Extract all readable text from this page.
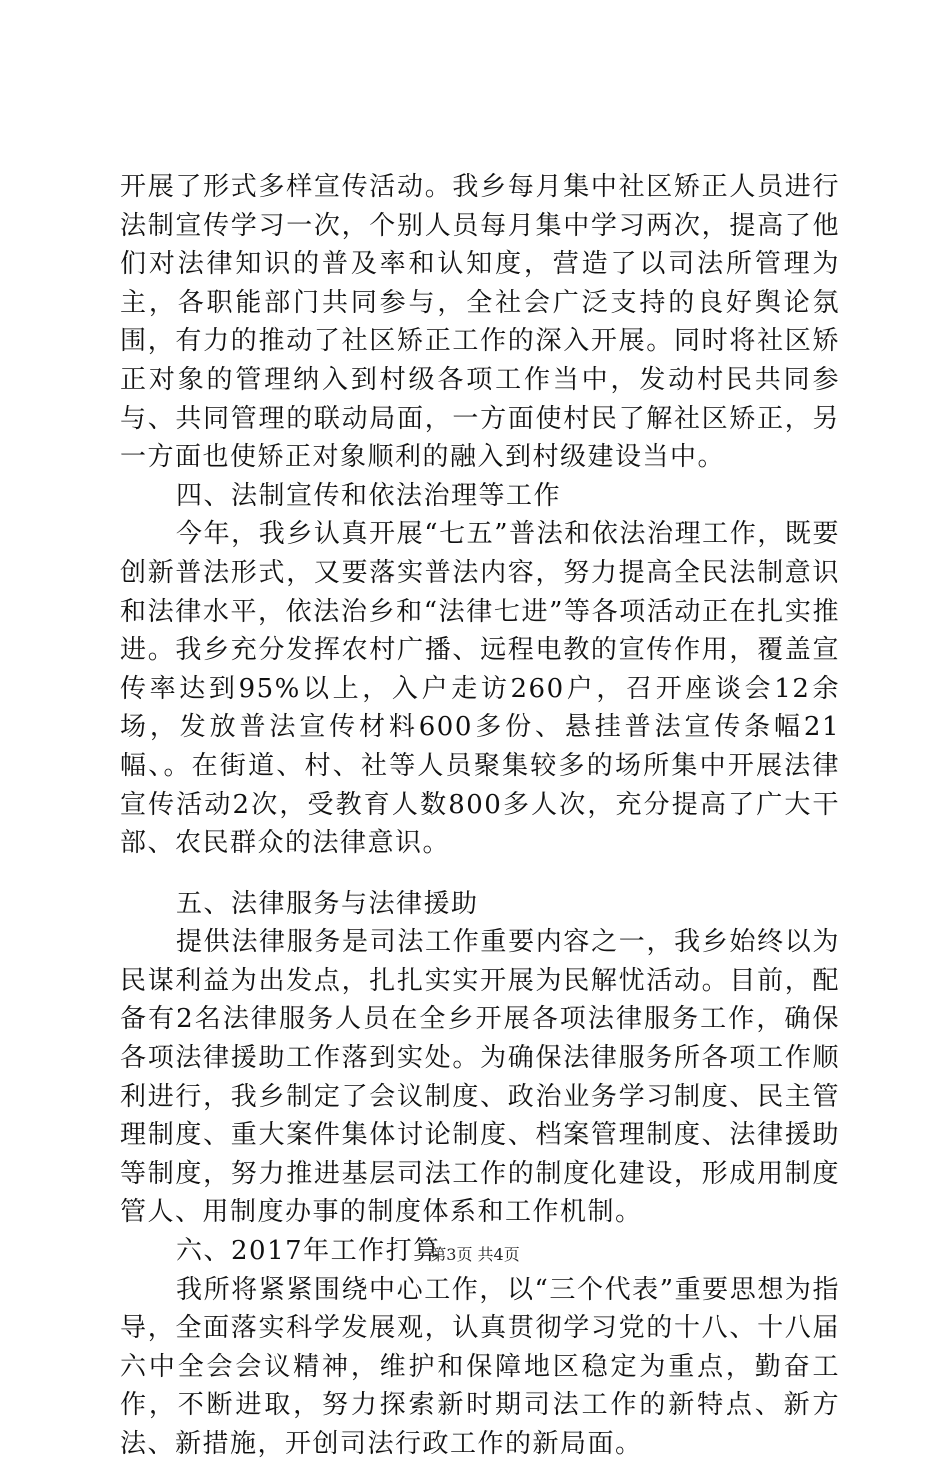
开展了形式多样宣传活动。我乡每月集中社区矫正人员进行法制宣传学习一次，个别人员每月集中学习两次，提高了他们对法律知识的普及率和认知度，营造了以司法所管理为主，各职能部门共同参与，全社会广泛支持的良好舆论氛围，有力的推动了社区矫正工作的深入开展。同时将社区矫正对象的管理纳入到村级各项工作当中，发动村民共同参与、共同管理的联动局面，一方面使村民了解社区矫正，另一方面也使矫正对象顺利的融入到村级建设当中。

四、法制宣传和依法治理等工作

今年，我乡认真开展“七五”普法和依法治理工作，既要创新普法形式，又要落实普法内容，努力提高全民法制意识和法律水平，依法治乡和“法律七进”等各项活动正在扎实推进。我乡充分发挥农村广播、远程电教的宣传作用，覆盖宣传率达到95%以上，入户走访260户，召开座谈会12余场，发放普法宣传材料600多份、悬挂普法宣传条幅21幅、。在街道、村、社等人员聚集较多的场所集中开展法律宣传活动2次，受教育人数800多人次，充分提高了广大干部、农民群众的法律意识。

五、法律服务与法律援助

提供法律服务是司法工作重要内容之一，我乡始终以为民谋利益为出发点，扎扎实实开展为民解忧活动。目前，配备有2名法律服务人员在全乡开展各项法律服务工作，确保各项法律援助工作落到实处。为确保法律服务所各项工作顺利进行，我乡制定了会议制度、政治业务学习制度、民主管理制度、重大案件集体讨论制度、档案管理制度、法律援助等制度，努力推进基层司法工作的制度化建设，形成用制度管人、用制度办事的制度体系和工作机制。

六、2017年工作打算

我所将紧紧围绕中心工作，以“三个代表”重要思想为指导，全面落实科学发展观，认真贯彻学习党的十八、十八届六中全会会议精神，维护和保障地区稳定为重点，勤奋工作，不断进取，努力探索新时期司法工作的新特点、新方法、新措施，开创司法行政工作的新局面。

第3页 共4页
